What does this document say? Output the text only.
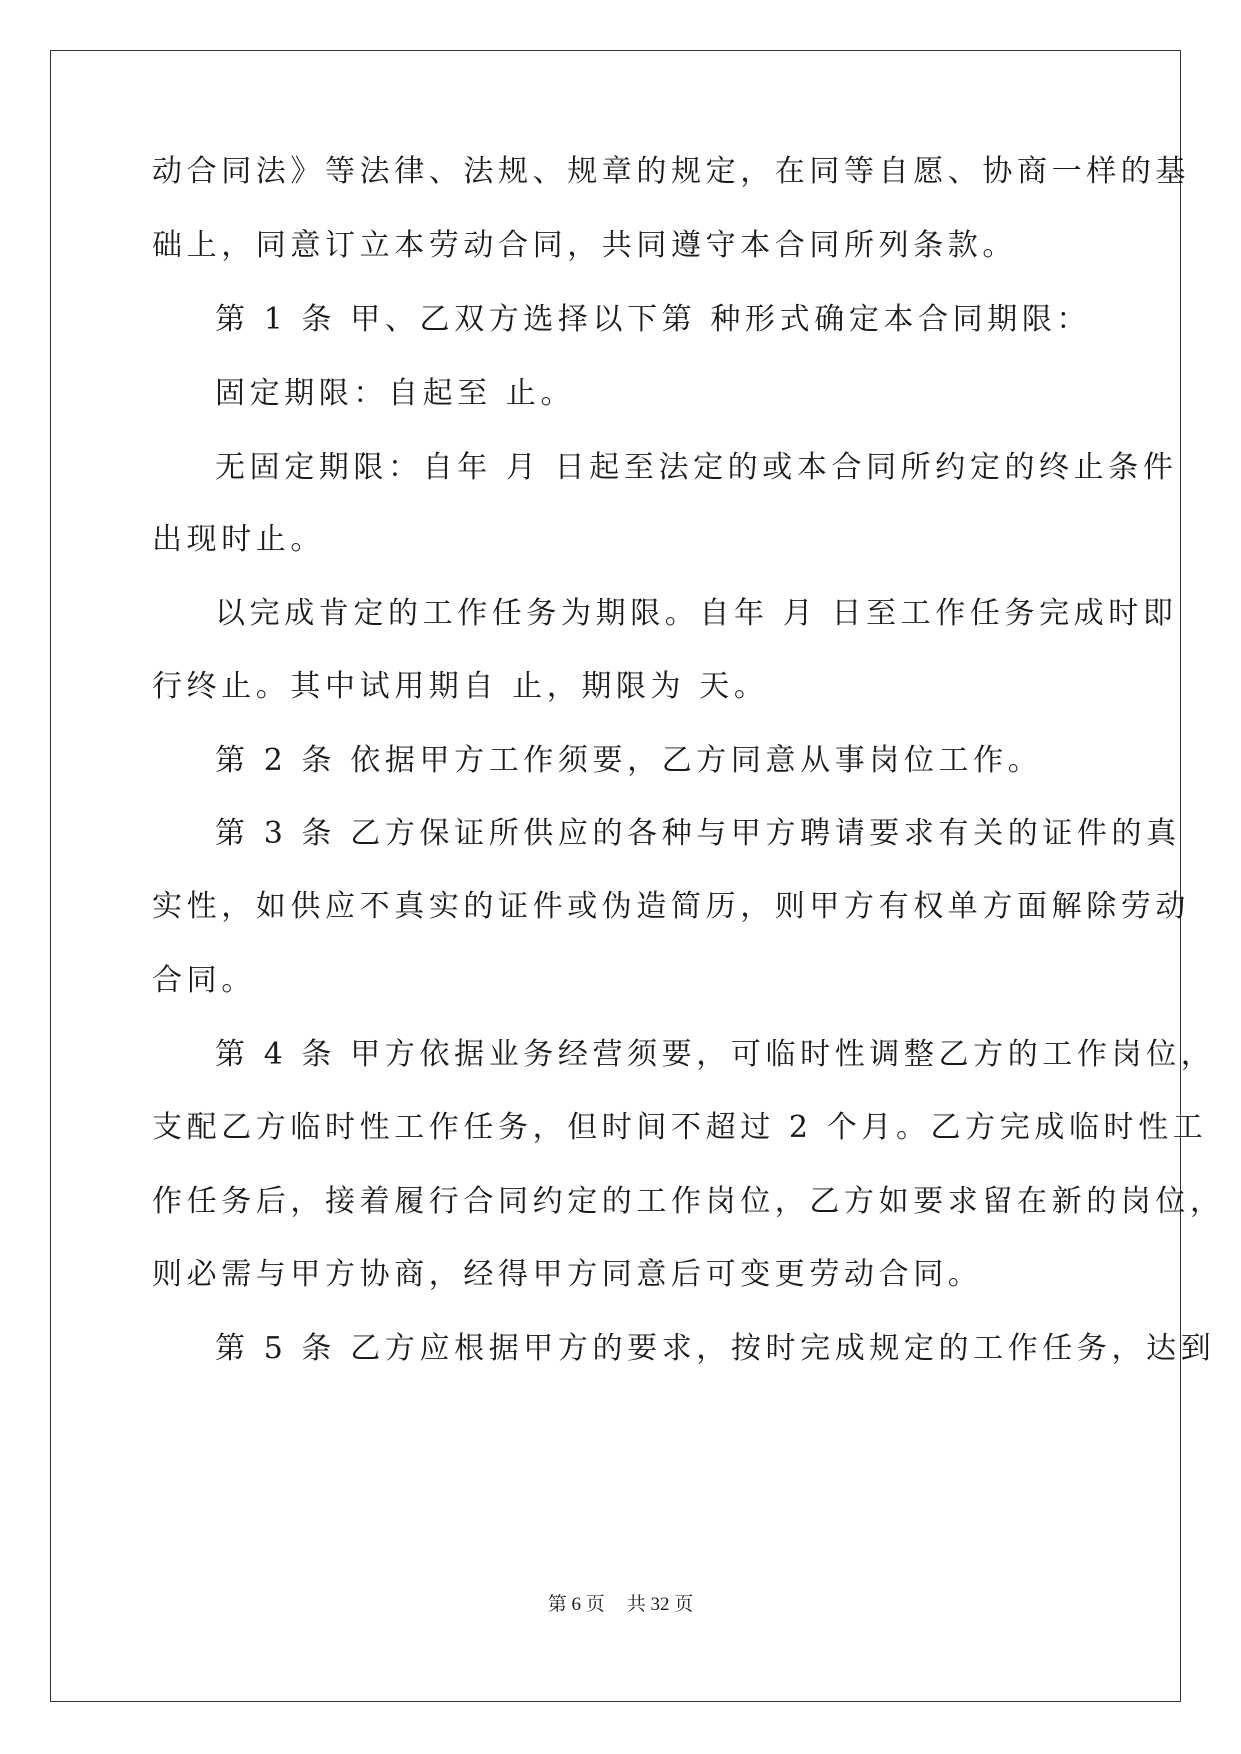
动合同法》等法律、法规、规章的规定，在同等自愿、协商一样的基
础上，同意订立本劳动合同，共同遵守本合同所列条款。
第 1 条 甲、乙双方选择以下第 种形式确定本合同期限：
固定期限：自起至 止。
无固定期限：自年 月 日起至法定的或本合同所约定的终止条件
出现时止。
以完成肯定的工作任务为期限。自年 月 日至工作任务完成时即
行终止。其中试用期自 止，期限为 天。
第 2 条 依据甲方工作须要，乙方同意从事岗位工作。
第 3 条 乙方保证所供应的各种与甲方聘请要求有关的证件的真
实性，如供应不真实的证件或伪造简历，则甲方有权单方面解除劳动
合同。
第 4 条 甲方依据业务经营须要，可临时性调整乙方的工作岗位，
支配乙方临时性工作任务，但时间不超过 2 个月。乙方完成临时性工
作任务后，接着履行合同约定的工作岗位，乙方如要求留在新的岗位，
则必需与甲方协商，经得甲方同意后可变更劳动合同。
第 5 条 乙方应根据甲方的要求，按时完成规定的工作任务，达到
第 6 页 共 32 页
